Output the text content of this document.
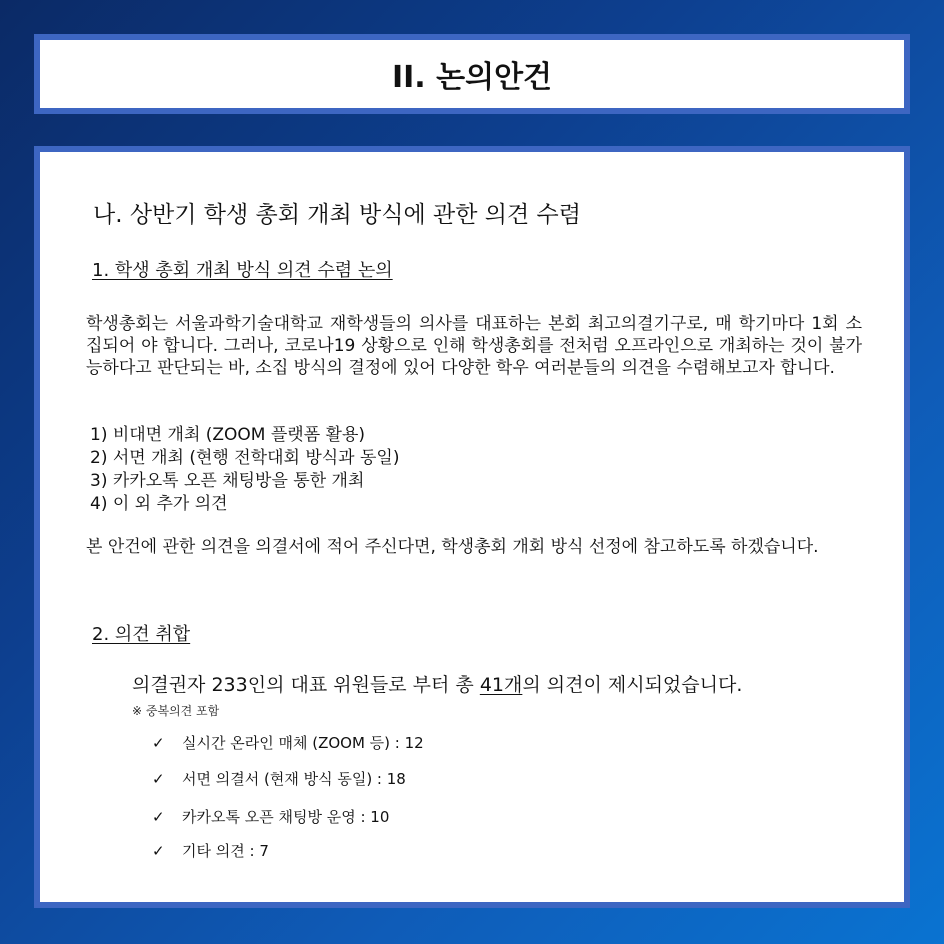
II. 논의안건
나. 상반기 학생 총회 개최 방식에 관한 의견 수렴
1. 학생 총회 개최 방식 의견 수렴 논의
학생총회는 서울과학기술대학교 재학생들의 의사를 대표하는 본회 최고의결기구로, 매 학기마다 1회 소집되어 야 합니다. 그러나, 코로나19 상황으로 인해 학생총회를 전처럼 오프라인으로 개최하는 것이 불가능하다고 판단되는 바, 소집 방식의 결정에 있어 다양한 학우 여러분들의 의견을 수렴해보고자 합니다.
1) 비대면 개최 (ZOOM 플랫폼 활용)
2) 서면 개최 (현행 전학대회 방식과 동일)
3) 카카오톡 오픈 채팅방을 통한 개최
4) 이 외 추가 의견
본 안건에 관한 의견을 의결서에 적어 주신다면, 학생총회 개회 방식 선정에 참고하도록 하겠습니다.
2. 의견 취합
의결권자 233인의 대표 위원들로 부터 총 41개의 의견이 제시되었습니다.
※ 중복의견 포함
✓	실시간 온라인 매체 (ZOOM 등) : 12
✓	서면 의결서 (현재 방식 동일) : 18
✓	카카오톡 오픈 채팅방 운영 : 10
✓	기타 의견 : 7
